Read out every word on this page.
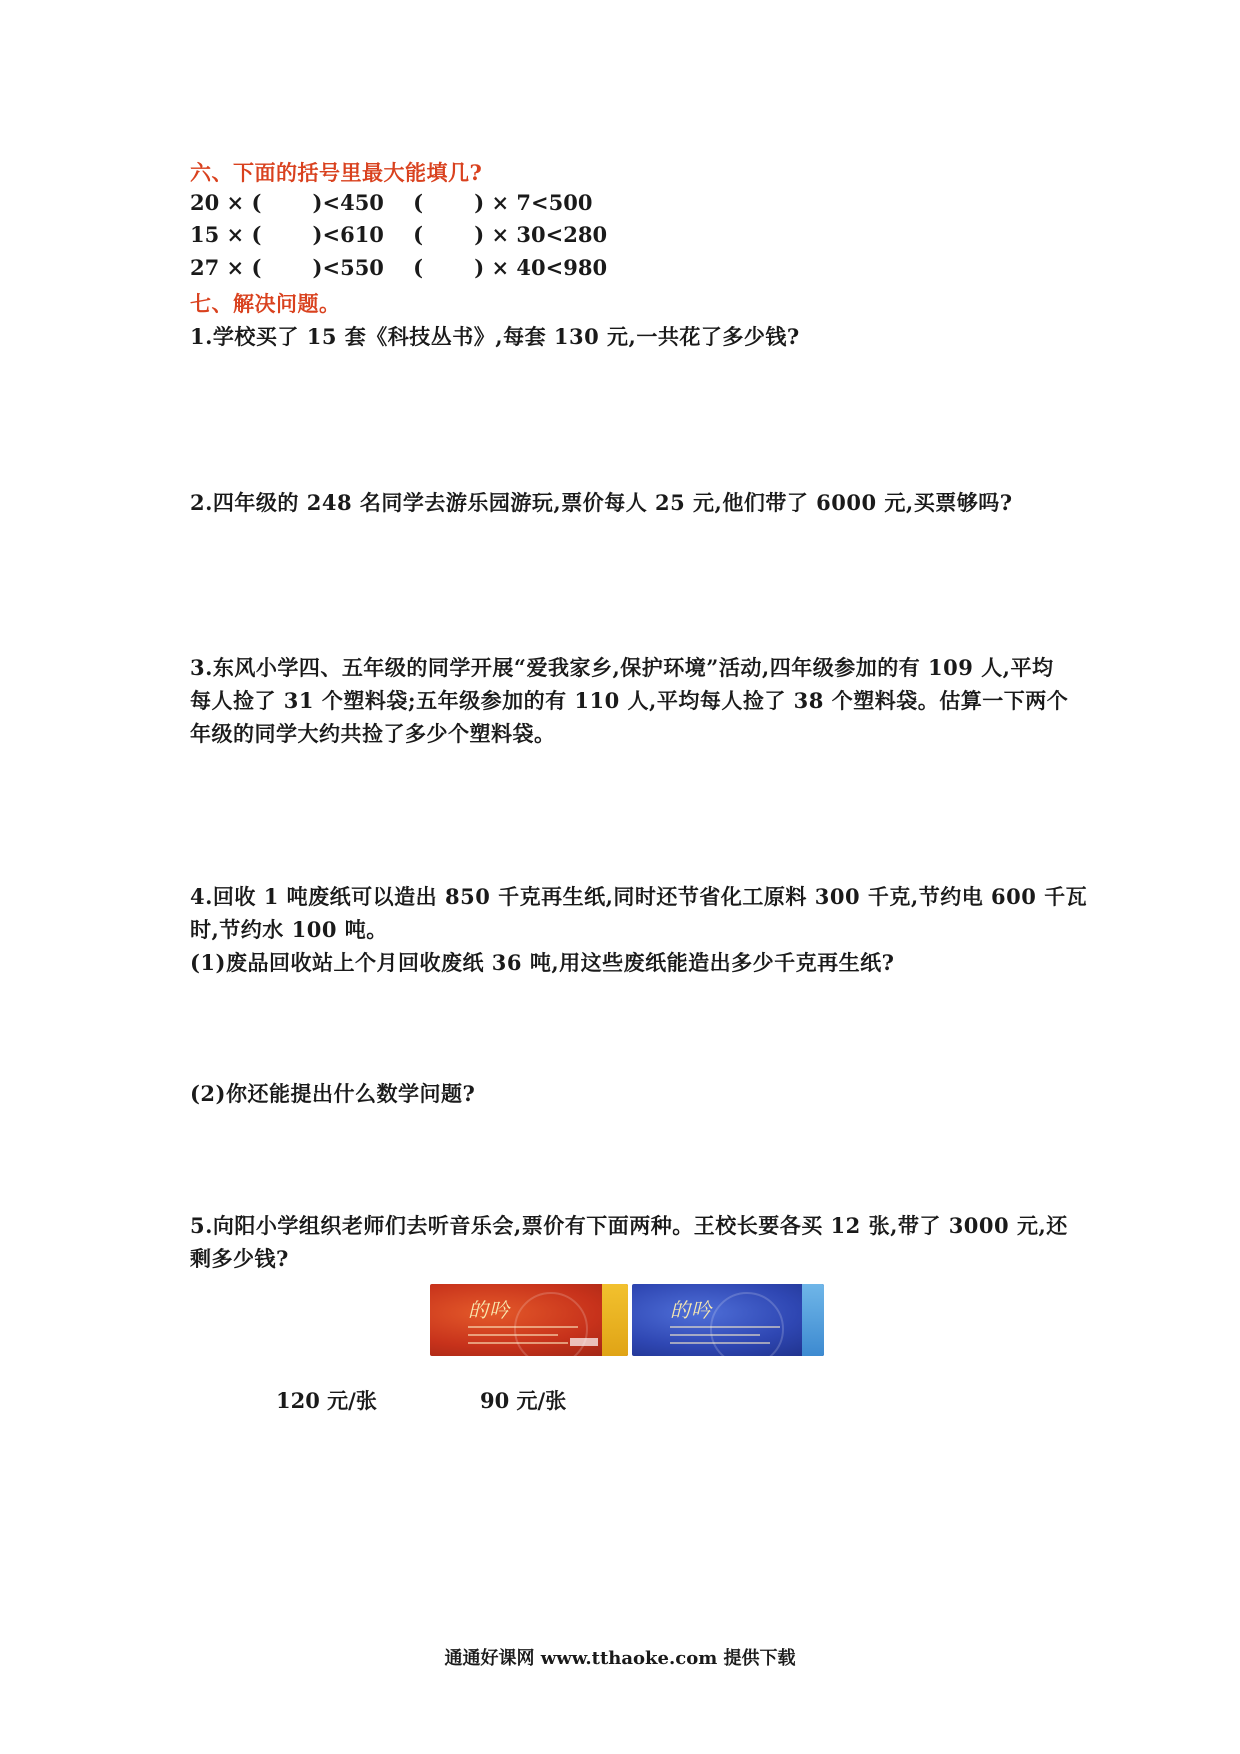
六、下面的括号里最大能填几?
20 × (       )<450    (       ) × 7<500
15 × (       )<610    (       ) × 30<280
27 × (       )<550    (       ) × 40<980
七、解决问题。
1.学校买了 15 套《科技丛书》,每套 130 元,一共花了多少钱?
2.四年级的 248 名同学去游乐园游玩,票价每人 25 元,他们带了 6000 元,买票够吗?
3.东风小学四、五年级的同学开展“爱我家乡,保护环境”活动,四年级参加的有 109 人,平均
每人捡了 31 个塑料袋;五年级参加的有 110 人,平均每人捡了 38 个塑料袋。估算一下两个
年级的同学大约共捡了多少个塑料袋。
4.回收 1 吨废纸可以造出 850 千克再生纸,同时还节省化工原料 300 千克,节约电 600 千瓦
时,节约水 100 吨。
(1)废品回收站上个月回收废纸 36 吨,用这些废纸能造出多少千克再生纸?
(2)你还能提出什么数学问题?
5.向阳小学组织老师们去听音乐会,票价有下面两种。王校长要各买 12 张,带了 3000 元,还
剩多少钱?
的吟	的吟
120 元/张	90 元/张
通通好课网 www.tthaoke.com 提供下载
